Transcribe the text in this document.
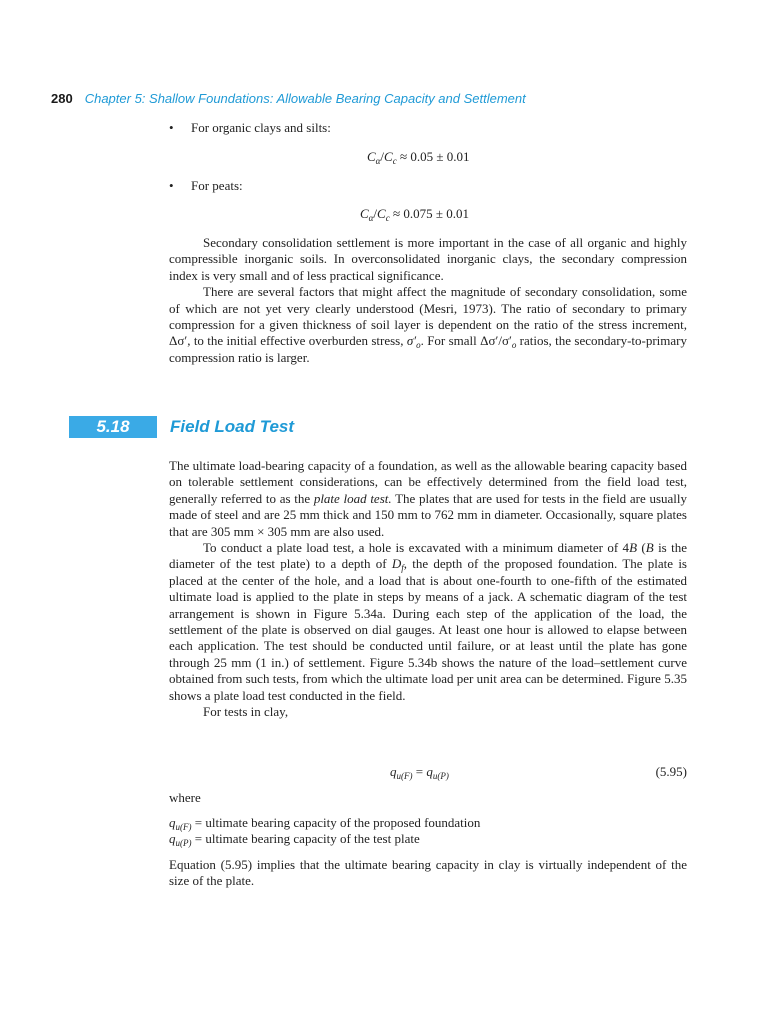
280 Chapter 5: Shallow Foundations: Allowable Bearing Capacity and Settlement
• For organic clays and silts:
$C_\alpha/C_c \approx 0.05 \pm 0.01$
• For peats:
$C_\alpha/C_c \approx 0.075 \pm 0.01$

Secondary consolidation settlement is more important in the case of all organic and highly compressible inorganic soils. In overconsolidated inorganic clays, the secondary compression index is very small and of less practical significance.

There are several factors that might affect the magnitude of secondary consolidation, some of which are not yet very clearly understood (Mesri, 1973). The ratio of secondary to primary compression for a given thickness of soil layer is dependent on the ratio of the stress increment, Δσ′, to the initial effective overburden stress, $\sigma'_o$. For small $\Delta\sigma'/\sigma'_o$ ratios, the secondary-to-primary compression ratio is larger.

5.18	Field Load Test

The ultimate load-bearing capacity of a foundation, as well as the allowable bearing capacity based on tolerable settlement considerations, can be effectively determined from the field load test, generally referred to as the plate load test. The plates that are used for tests in the field are usually made of steel and are 25 mm thick and 150 mm to 762 mm in diameter. Occasionally, square plates that are 305 mm × 305 mm are also used.

To conduct a plate load test, a hole is excavated with a minimum diameter of 4B (B is the diameter of the test plate) to a depth of $D_f$, the depth of the proposed foundation. The plate is placed at the center of the hole, and a load that is about one-fourth to one-fifth of the estimated ultimate load is applied to the plate in steps by means of a jack. A schematic diagram of the test arrangement is shown in Figure 5.34a. During each step of the application of the load, the settlement of the plate is observed on dial gauges. At least one hour is allowed to elapse between each application. The test should be conducted until failure, or at least until the plate has gone through 25 mm (1 in.) of settlement. Figure 5.34b shows the nature of the load–settlement curve obtained from such tests, from which the ultimate load per unit area can be determined. Figure 5.35 shows a plate load test conducted in the field.

For tests in clay,

$q_{u(F)} = q_{u(P)}$	(5.95)
where
$q_{u(F)}$ = ultimate bearing capacity of the proposed foundation
$q_{u(P)}$ = ultimate bearing capacity of the test plate

Equation (5.95) implies that the ultimate bearing capacity in clay is virtually independent of the size of the plate.
